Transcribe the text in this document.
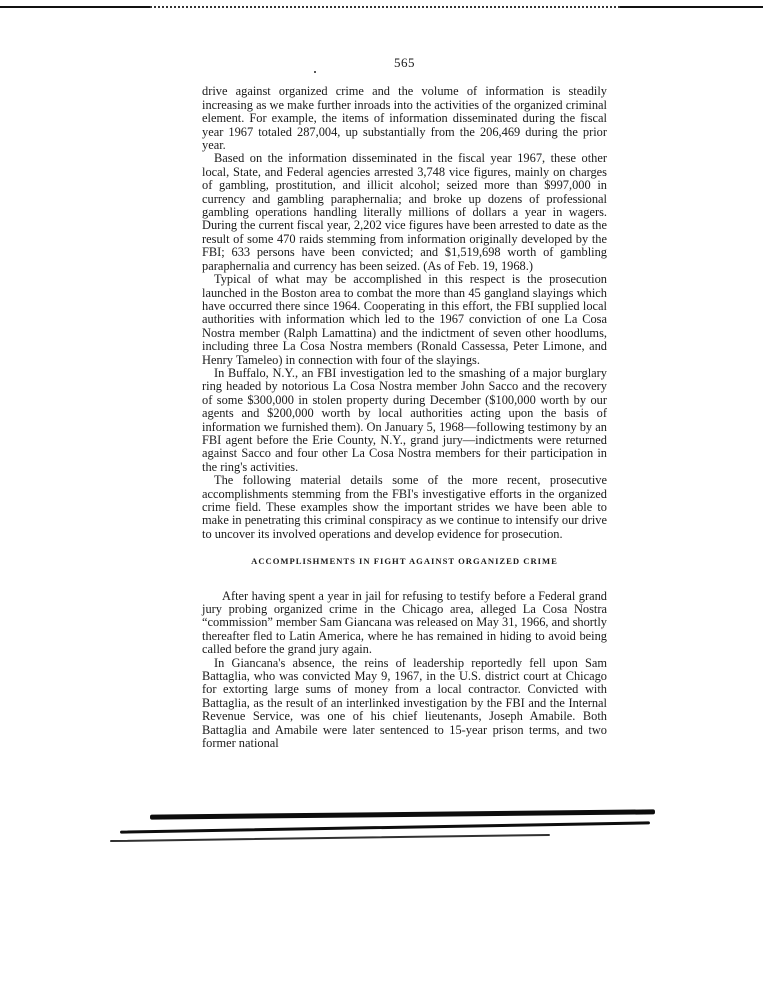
565

drive against organized crime and the volume of information is steadily increasing as we make further inroads into the activities of the organized criminal element. For example, the items of information disseminated during the fiscal year 1967 totaled 287,004, up substantially from the 206,469 during the prior year.

Based on the information disseminated in the fiscal year 1967, these other local, State, and Federal agencies arrested 3,748 vice figures, mainly on charges of gambling, prostitution, and illicit alcohol; seized more than $997,000 in currency and gambling paraphernalia; and broke up dozens of professional gambling operations handling literally millions of dollars a year in wagers. During the current fiscal year, 2,202 vice figures have been arrested to date as the result of some 470 raids stemming from information originally developed by the FBI; 633 persons have been convicted; and $1,519,698 worth of gambling paraphernalia and currency has been seized. (As of Feb. 19, 1968.)

Typical of what may be accomplished in this respect is the prosecution launched in the Boston area to combat the more than 45 gangland slayings which have occurred there since 1964. Cooperating in this effort, the FBI supplied local authorities with information which led to the 1967 conviction of one La Cosa Nostra member (Ralph Lamattina) and the indictment of seven other hoodlums, including three La Cosa Nostra members (Ronald Cassessa, Peter Limone, and Henry Tameleo) in connection with four of the slayings.

In Buffalo, N.Y., an FBI investigation led to the smashing of a major burglary ring headed by notorious La Cosa Nostra member John Sacco and the recovery of some $300,000 in stolen property during December ($100,000 worth by our agents and $200,000 worth by local authorities acting upon the basis of information we furnished them). On January 5, 1968—following testimony by an FBI agent before the Erie County, N.Y., grand jury—indictments were returned against Sacco and four other La Cosa Nostra members for their participation in the ring's activities.

The following material details some of the more recent, prosecutive accomplishments stemming from the FBI's investigative efforts in the organized crime field. These examples show the important strides we have been able to make in penetrating this criminal conspiracy as we continue to intensify our drive to uncover its involved operations and develop evidence for prosecution.

ACCOMPLISHMENTS IN FIGHT AGAINST ORGANIZED CRIME

After having spent a year in jail for refusing to testify before a Federal grand jury probing organized crime in the Chicago area, alleged La Cosa Nostra “commission” member Sam Giancana was released on May 31, 1966, and shortly thereafter fled to Latin America, where he has remained in hiding to avoid being called before the grand jury again.

In Giancana's absence, the reins of leadership reportedly fell upon Sam Battaglia, who was convicted May 9, 1967, in the U.S. district court at Chicago for extorting large sums of money from a local contractor. Convicted with Battaglia, as the result of an interlinked investigation by the FBI and the Internal Revenue Service, was one of his chief lieutenants, Joseph Amabile. Both Battaglia and Amabile were later sentenced to 15-year prison terms, and two former national
